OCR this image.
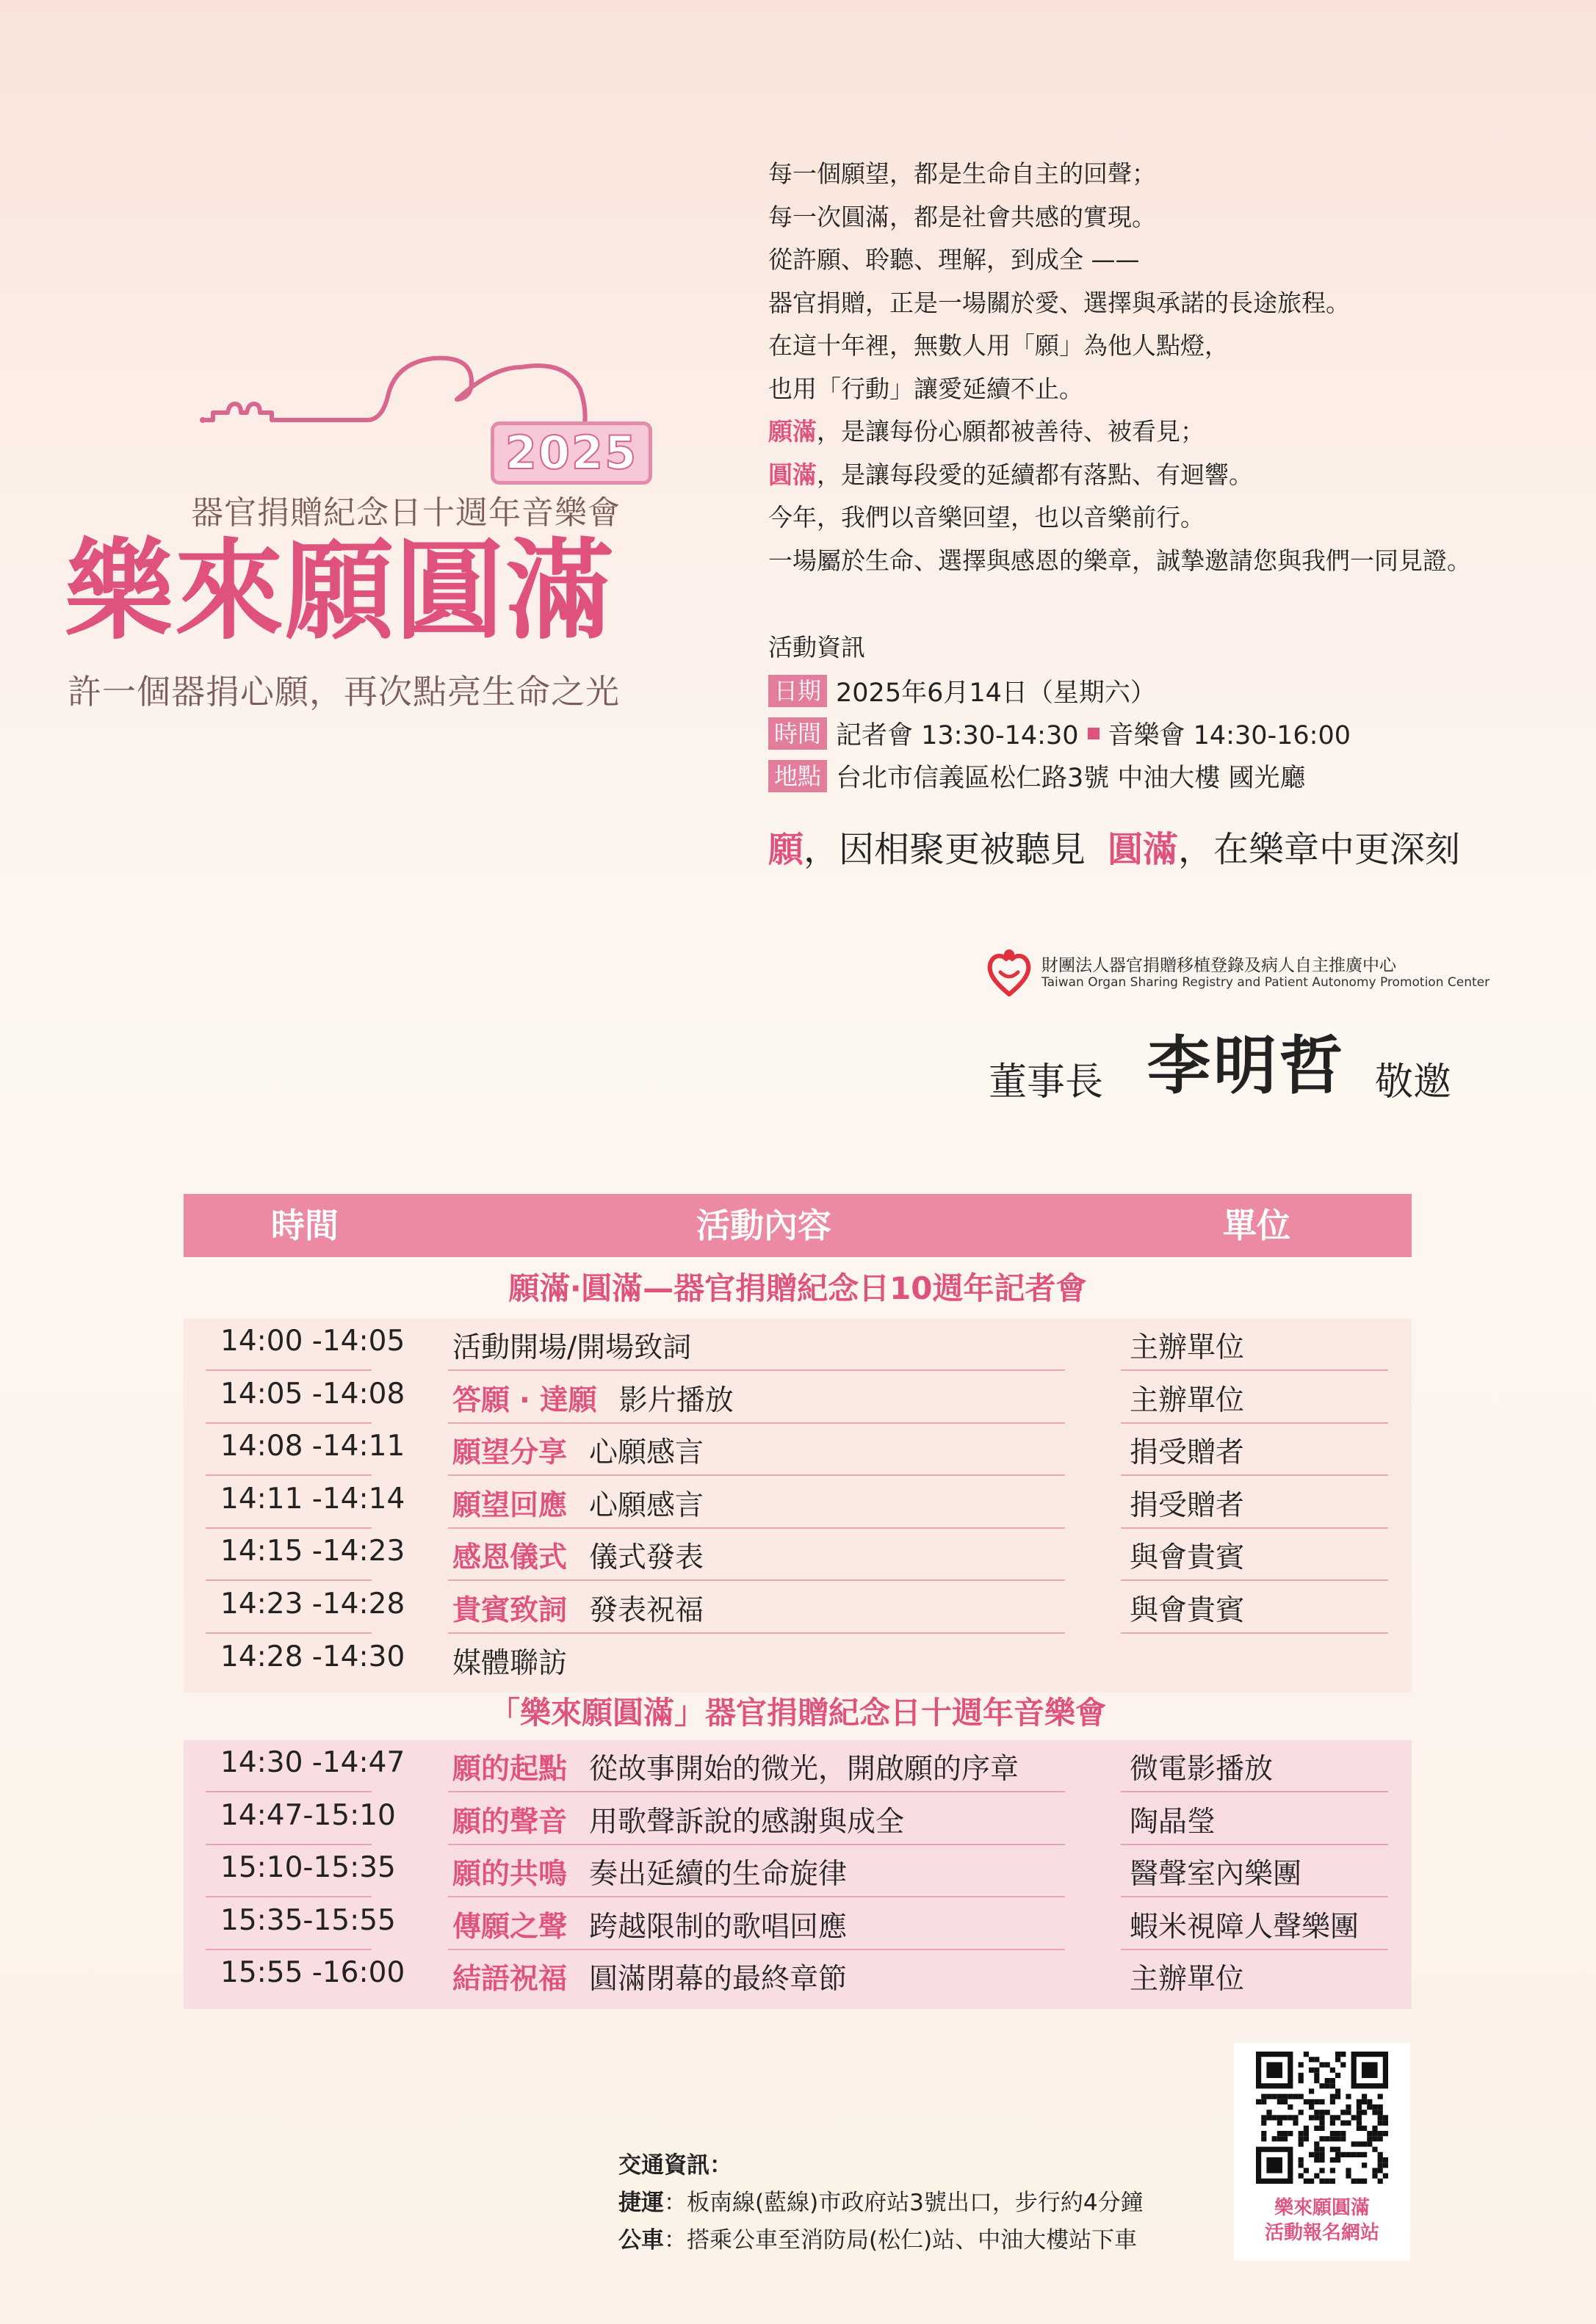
2025
器官捐贈紀念日十週年音樂會
樂來願圓滿
許一個器捐心願，再次點亮生命之光
每一個願望，都是生命自主的回聲；
每一次圓滿，都是社會共感的實現。
從許願、聆聽、理解，到成全 ——
器官捐贈，正是一場關於愛、選擇與承諾的長途旅程。
在這十年裡，無數人用「願」為他人點燈，
也用「行動」讓愛延續不止。
願滿，是讓每份心願都被善待、被看見；
圓滿，是讓每段愛的延續都有落點、有迴響。
今年，我們以音樂回望，也以音樂前行。
一場屬於生命、選擇與感恩的樂章，誠摯邀請您與我們一同見證。
活動資訊
日期 2025年6月14日（星期六）
時間 記者會 13:30-14:30 音樂會 14:30-16:00
地點 台北市信義區松仁路3號 中油大樓 國光廳
願，因相聚更被聽見 圓滿，在樂章中更深刻
財團法人器官捐贈移植登錄及病人自主推廣中心
Taiwan Organ Sharing Registry and Patient Autonomy Promotion Center
董事長 李明哲 敬邀
時間	活動內容	單位
願滿‧圓滿—器官捐贈紀念日10週年記者會
14:00 -14:05 活動開場/開場致詞	主辦單位
14:05 -14:08 答願 ‧ 達願 影片播放	主辦單位
14:08 -14:11 願望分享 心願感言	捐受贈者
14:11 -14:14 願望回應 心願感言	捐受贈者
14:15 -14:23 感恩儀式 儀式發表	與會貴賓
14:23 -14:28 貴賓致詞 發表祝福	與會貴賓
14:28 -14:30 媒體聯訪
「樂來願圓滿」器官捐贈紀念日十週年音樂會
14:30 -14:47 願的起點 從故事開始的微光，開啟願的序章	微電影播放
14:47-15:10 願的聲音 用歌聲訴說的感謝與成全	陶晶瑩
15:10-15:35 願的共鳴 奏出延續的生命旋律	醫聲室內樂團
15:35-15:55 傳願之聲 跨越限制的歌唱回應	蝦米視障人聲樂團
15:55 -16:00 結語祝福 圓滿閉幕的最終章節	主辦單位
交通資訊：
捷運：板南線(藍線)市政府站3號出口，步行約4分鐘
公車：搭乘公車至消防局(松仁)站、中油大樓站下車
樂來願圓滿
活動報名網站
